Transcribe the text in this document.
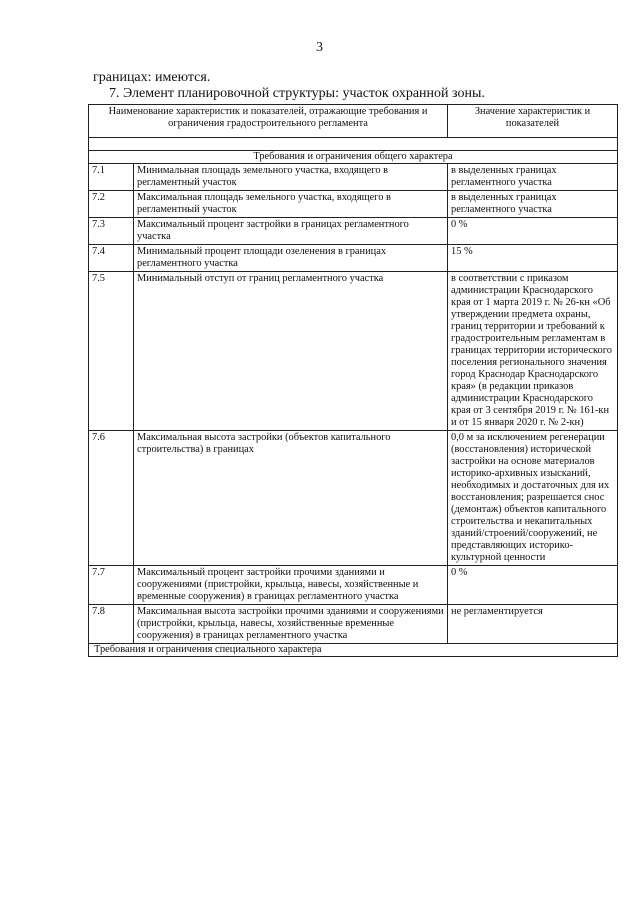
3
границах: имеются.
7. Элемент планировочной структуры: участок охранной зоны.
Наименование характеристик и показателей, отражающие требования и ограничения градостроительного регламента		Значение характеристик и показателей

Требования и ограничения общего характера		
7.1	Минимальная площадь земельного участка, входящего в регламентный участок	в выделенных границах регламентного участка
7.2	Максимальная площадь земельного участка, входящего в регламентный участок	в выделенных границах регламентного участка
7.3	Максимальный процент застройки в границах регламентного участка	0 %
7.4	Минимальный процент площади озеленения в границах регламентного участка	15 %
7.5	Минимальный отступ от границ регламентного участка	в соответствии с приказом администрации Краснодарского края от 1 марта 2019 г. № 26-кн «Об утверждении предмета охраны, границ территории и требований к градостроительным регламентам в границах территории исторического поселения регионального значения город Краснодар Краснодарского края» (в редакции приказов администрации Краснодарского края от 3 сентября 2019 г. № 161-кн и от 15 января 2020 г. № 2-кн)
7.6	Максимальная высота застройки (объектов капитального строительства) в границах	0,0 м за исключением регенерации (восстановления) исторической застройки на основе материалов историко-архивных изысканий, необходимых и достаточных для их восстановления; разрешается снос (демонтаж) объектов капитального строительства и некапитальных зданий/строений/сооружений, не представляющих историко-культурной ценности
7.7	Максимальный процент застройки прочими зданиями и сооружениями (пристройки, крыльца, навесы, хозяйственные и временные сооружения) в границах регламентного участка	0 %
7.8	Максимальная высота застройки прочими зданиями и сооружениями (пристройки, крыльца, навесы, хозяйственные временные сооружения) в границах регламентного участка	не регламентируется
Требования и ограничения специального характера		
